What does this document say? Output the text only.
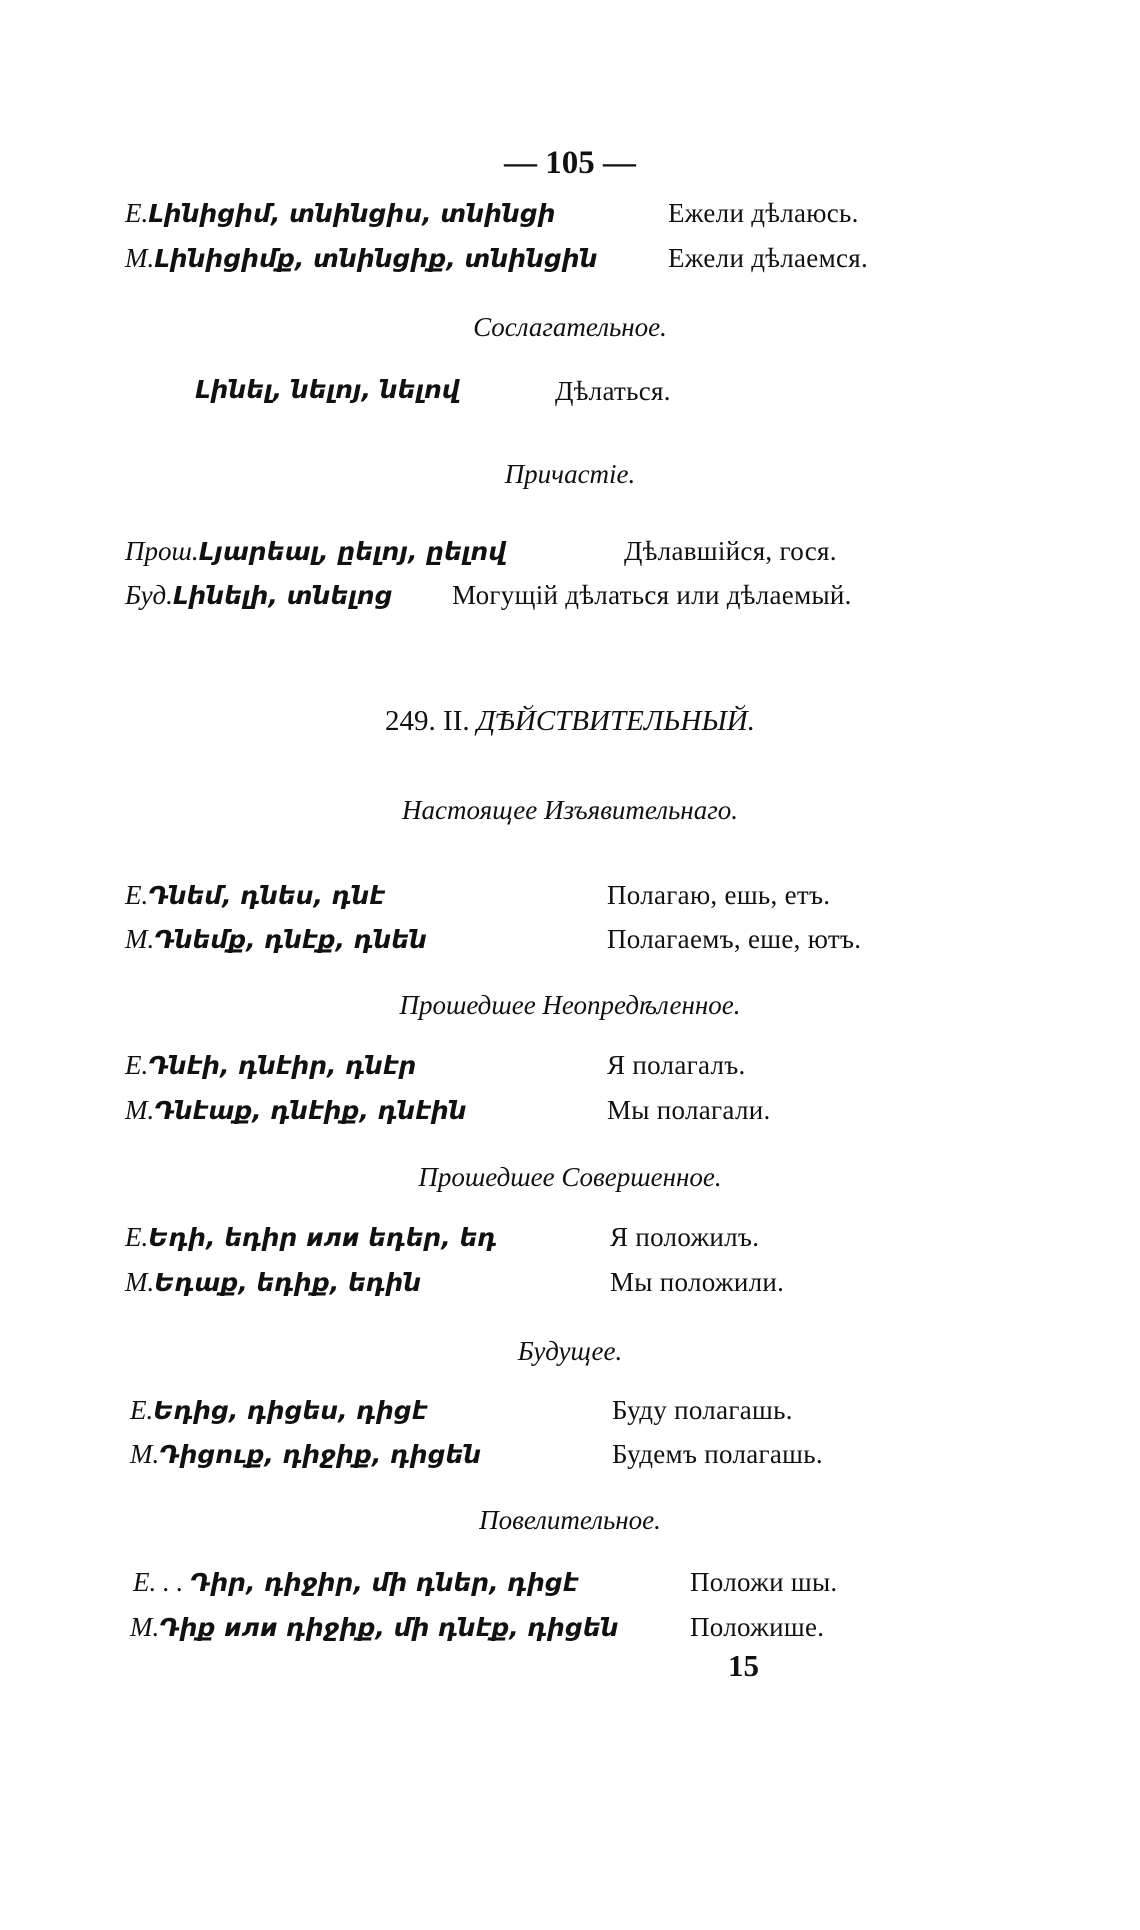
— 105 —
Е.Լինիցիմ, տնինցիս, տնինցի	Ежели дѣлаюсь.
М.Լինիցիմք, տնինցիք, տնինցին	Ежели дѣлаемся.
Сослагательное.
Լինել, նելոյ, նելով	Дѣлаться.
Причастіе.
Прош.Լյարեալ, ըելոյ, ըելով	Дѣлавшійся, гося.
Буд.Լինելի, տնելոց Могущій дѣлаться или дѣлаемый.
249. II. ДѢЙСТВИТЕЛЬНЫЙ.
Настоящее Изъявительнаго.
Е.Դնեմ, դնես, դնէ	Полагаю, ешь, етъ.
М.Դնեմք, դնէք, դնեն	Полагаемъ, еше, ютъ.
Прошедшее Неопредѣленное.
Е.Դնէի, դնէիր, դնէր	Я полагалъ.
М.Դնէաք, դնէիք, դնէին	Мы полагали.
Прошедшее Совершенное.
Е.Եդի, եդիր или եդեր, եդ	Я положилъ.
М.Եդաք, եդիք, եդին	Мы положили.
Будущее.
Е.Եդից, դիցես, դիցէ	Буду полагашь.
М.Դիցուք, դիջիք, դիցեն	Будемъ полагашь.
Повелительное.
Е. . . Դիր, դիջիր, մի դներ, դիցէ	Положи шы.
М.Դիք или դիջիք, մի դնէք, դիցեն	Положише.
15
